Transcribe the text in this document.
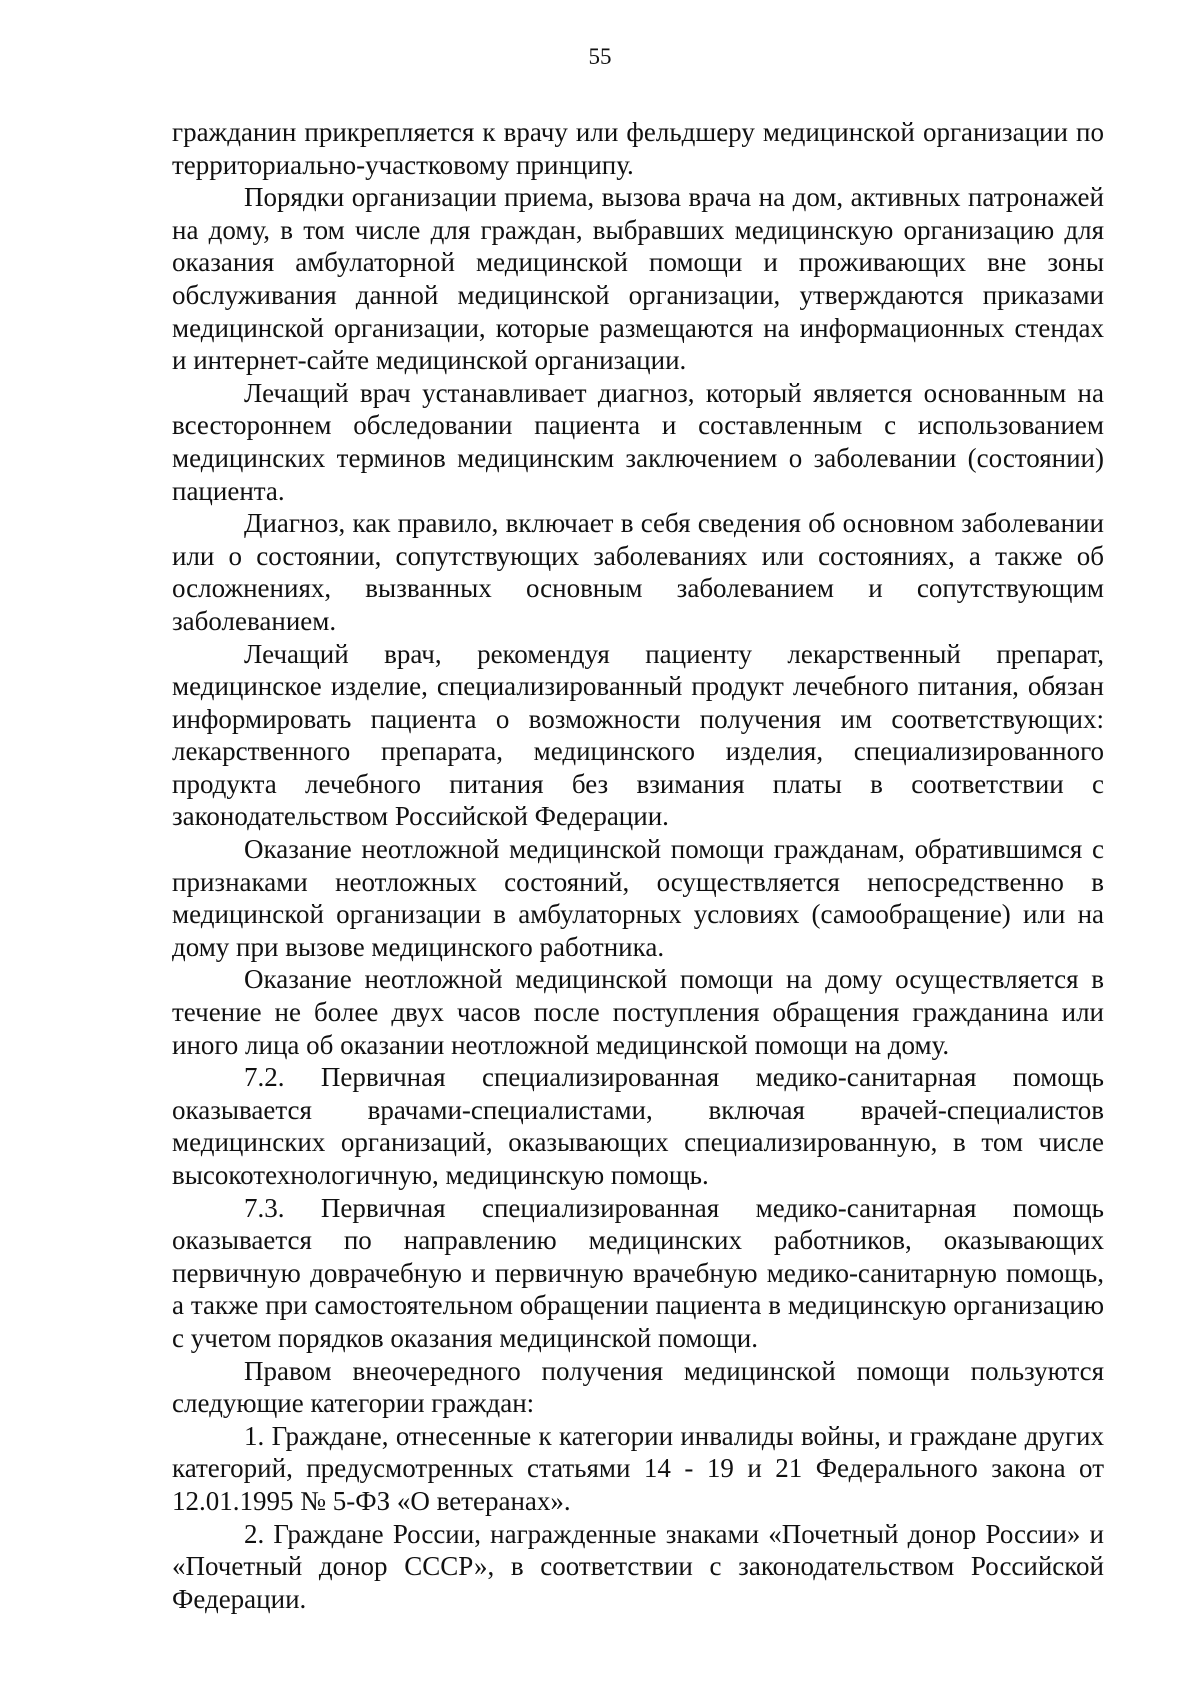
55

гражданин прикрепляется к врачу или фельдшеру медицинской организации по территориально-участковому принципу.

Порядки организации приема, вызова врача на дом, активных патронажей на дому, в том числе для граждан, выбравших медицинскую организацию для оказания амбулаторной медицинской помощи и проживающих вне зоны обслуживания данной медицинской организации, утверждаются приказами медицинской организации, которые размещаются на информационных стендах и интернет-сайте медицинской организации.

Лечащий врач устанавливает диагноз, который является основанным на всестороннем обследовании пациента и составленным с использованием медицинских терминов медицинским заключением о заболевании (состоянии) пациента.

Диагноз, как правило, включает в себя сведения об основном заболевании или о состоянии, сопутствующих заболеваниях или состояниях, а также об осложнениях, вызванных основным заболеванием и сопутствующим заболеванием.

Лечащий врач, рекомендуя пациенту лекарственный препарат, медицинское изделие, специализированный продукт лечебного питания, обязан информировать пациента о возможности получения им соответствующих: лекарственного препарата, медицинского изделия, специализированного продукта лечебного питания без взимания платы в соответствии с законодательством Российской Федерации.

Оказание неотложной медицинской помощи гражданам, обратившимся с признаками неотложных состояний, осуществляется непосредственно в медицинской организации в амбулаторных условиях (самообращение) или на дому при вызове медицинского работника.

Оказание неотложной медицинской помощи на дому осуществляется в течение не более двух часов после поступления обращения гражданина или иного лица об оказании неотложной медицинской помощи на дому.

7.2. Первичная специализированная медико-санитарная помощь оказывается врачами-специалистами, включая врачей-специалистов медицинских организаций, оказывающих специализированную, в том числе высокотехнологичную, медицинскую помощь.

7.3. Первичная специализированная медико-санитарная помощь оказывается по направлению медицинских работников, оказывающих первичную доврачебную и первичную врачебную медико-санитарную помощь, а также при самостоятельном обращении пациента в медицинскую организацию с учетом порядков оказания медицинской помощи.

Правом внеочередного получения медицинской помощи пользуются следующие категории граждан:

1. Граждане, отнесенные к категории инвалиды войны, и граждане других категорий, предусмотренных статьями 14 - 19 и 21 Федерального закона от 12.01.1995 № 5-ФЗ «О ветеранах».

2. Граждане России, награжденные знаками «Почетный донор России» и «Почетный донор СССР», в соответствии с законодательством Российской Федерации.
